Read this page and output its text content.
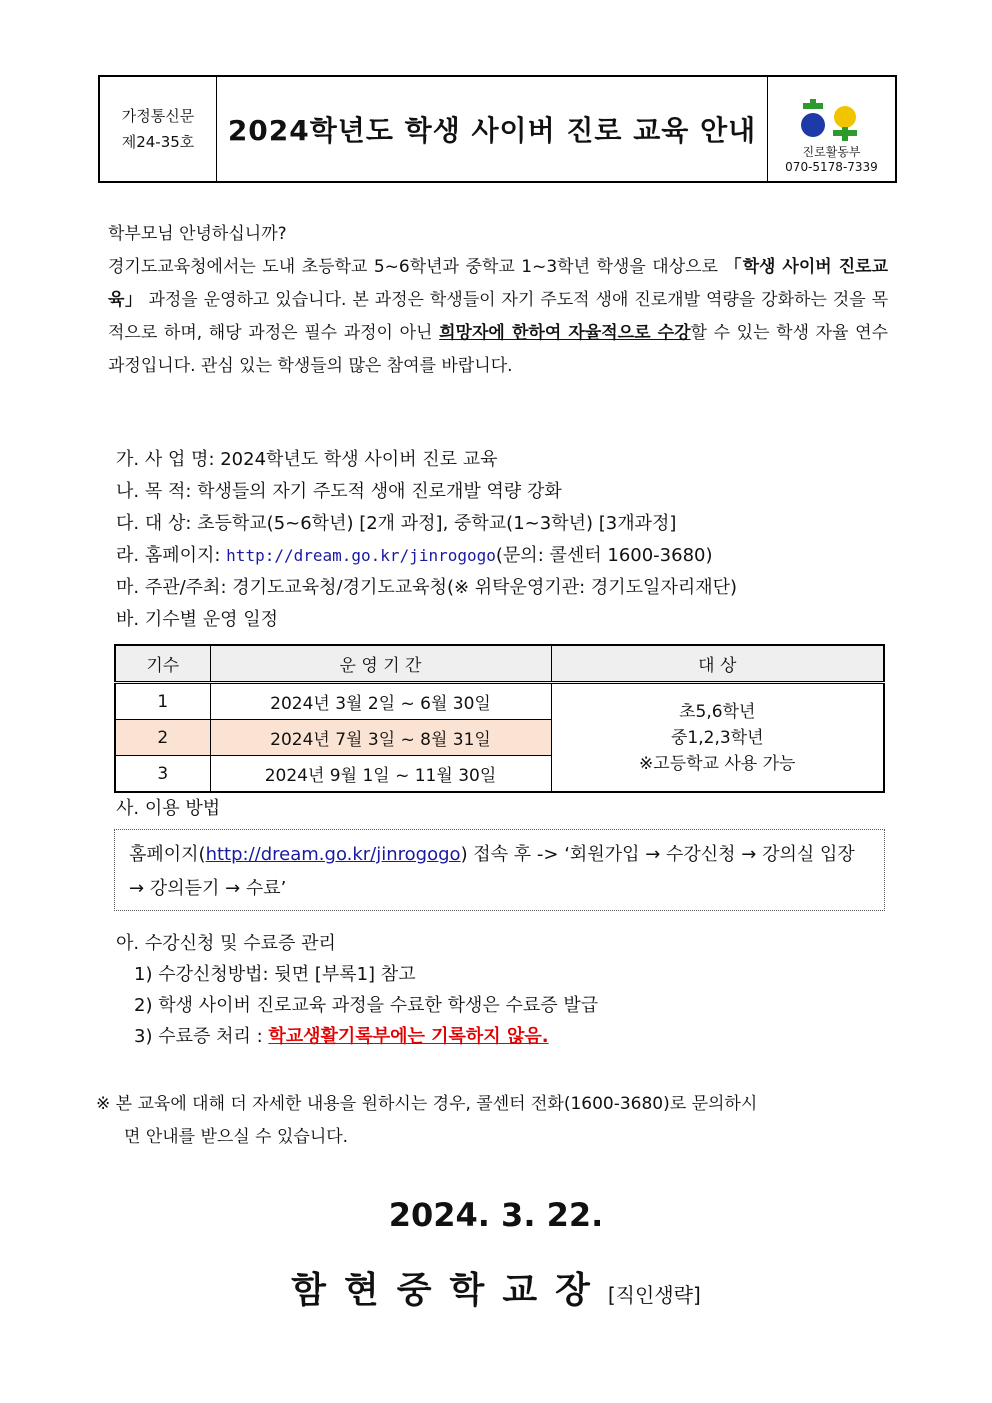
가정통신문
제24-35호	2024학년도 학생 사이버 진로 교육 안내
진로활동부
070-5178-7339
학부모님 안녕하십니까?
경기도교육청에서는 도내 초등학교 5~6학년과 중학교 1~3학년 학생을 대상으로 「학생 사이버 진로교육」 과정을 운영하고 있습니다. 본 과정은 학생들이 자기 주도적 생애 진로개발 역량을 강화하는 것을 목적으로 하며, 해당 과정은 필수 과정이 아닌 희망자에 한하여 자율적으로 수강할 수 있는 학생 자율 연수 과정입니다. 관심 있는 학생들의 많은 참여를 바랍니다.
가. 사 업 명: 2024학년도 학생 사이버 진로 교육
나. 목 적: 학생들의 자기 주도적 생애 진로개발 역량 강화
다. 대 상: 초등학교(5~6학년) [2개 과정], 중학교(1~3학년) [3개과정]
라. 홈페이지: http://dream.go.kr/jinrogogo(문의: 콜센터 1600-3680)
마. 주관/주최: 경기도교육청/경기도교육청(※ 위탁운영기관: 경기도일자리재단)
바. 기수별 운영 일정
기수	운 영 기 간	대 상
1	2024년 3월 2일 ~ 6월 30일	초5,6학년
중1,2,3학년
※고등학교 사용 가능

2	2024년 7월 3일 ~ 8월 31일	
3	2024년 9월 1일 ~ 11월 30일	
사. 이용 방법
홈페이지(http://dream.go.kr/jinrogogo) 접속 후 -> ‘회원가입 → 수강신청 → 강의실 입장 → 강의듣기 → 수료’
아. 수강신청 및 수료증 관리
1) 수강신청방법: 뒷면 [부록1] 참고
2) 학생 사이버 진로교육 과정을 수료한 학생은 수료증 발급
3) 수료증 처리 : 학교생활기록부에는 기록하지 않음.
※ 본 교육에 대해 더 자세한 내용을 원하시는 경우, 콜센터 전화(1600-3680)로 문의하시
면 안내를 받으실 수 있습니다.
2024. 3. 22.
함현중학교장[직인생략]
